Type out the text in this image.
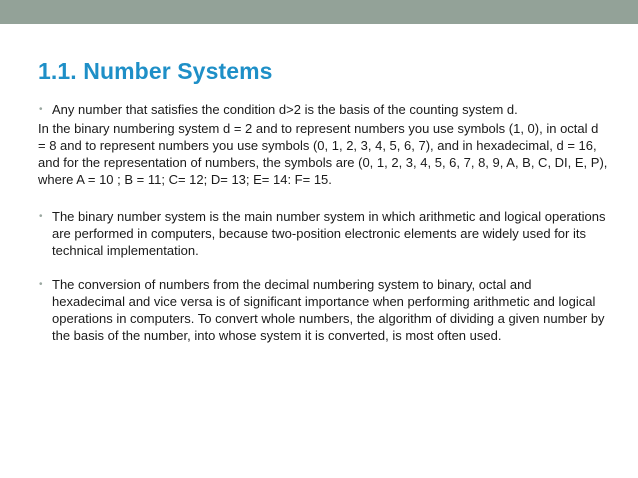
1.1. Number Systems
• Any number that satisfies the condition d>2 is the basis of the counting system d.
In the binary numbering system d = 2 and to represent numbers you use symbols (1, 0), in octal d = 8 and to represent numbers you use symbols (0, 1, 2, 3, 4, 5, 6, 7), and in hexadecimal, d = 16, and for the representation of numbers, the symbols are (0, 1, 2, 3, 4, 5, 6, 7, 8, 9, A, B, C, DI, E, P), where A = 10 ; B = 11; C= 12; D= 13; E= 14: F= 15.
• The binary number system is the main number system in which arithmetic and logical operations are performed in computers, because two-position electronic elements are widely used for its technical implementation.
• The conversion of numbers from the decimal numbering system to binary, octal and hexadecimal and vice versa is of significant importance when performing arithmetic and logical operations in computers. To convert whole numbers, the algorithm of dividing a given number by the basis of the number, into whose system it is converted, is most often used.
